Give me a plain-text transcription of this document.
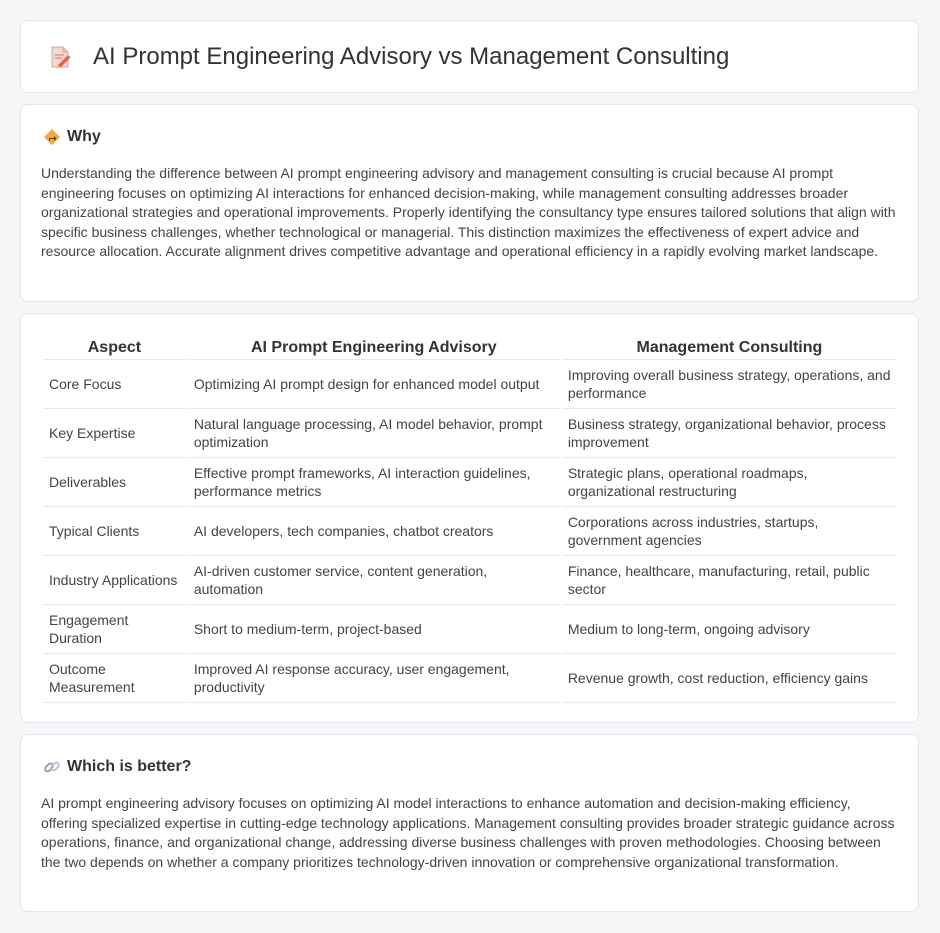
AI Prompt Engineering Advisory vs Management Consulting
Why

Understanding the difference between AI prompt engineering advisory and management consulting is crucial because AI prompt engineering focuses on optimizing AI interactions for enhanced decision-making, while management consulting addresses broader organizational strategies and operational improvements. Properly identifying the consultancy type ensures tailored solutions that align with specific business challenges, whether technological or managerial. This distinction maximizes the effectiveness of expert advice and resource allocation. Accurate alignment drives competitive advantage and operational efficiency in a rapidly evolving market landscape.

Aspect	AI Prompt Engineering Advisory	Management Consulting
Core Focus	Optimizing AI prompt design for enhanced model output	Improving overall business strategy, operations, and performance
Key Expertise	Natural language processing, AI model behavior, prompt optimization	Business strategy, organizational behavior, process improvement
Deliverables	Effective prompt frameworks, AI interaction guidelines, performance metrics	Strategic plans, operational roadmaps, organizational restructuring
Typical Clients	AI developers, tech companies, chatbot creators	Corporations across industries, startups, government agencies
Industry Applications	AI-driven customer service, content generation, automation	Finance, healthcare, manufacturing, retail, public sector
Engagement Duration	Short to medium-term, project-based	Medium to long-term, ongoing advisory
Outcome Measurement	Improved AI response accuracy, user engagement, productivity	Revenue growth, cost reduction, efficiency gains
Which is better?

AI prompt engineering advisory focuses on optimizing AI model interactions to enhance automation and decision-making efficiency, offering specialized expertise in cutting-edge technology applications. Management consulting provides broader strategic guidance across operations, finance, and organizational change, addressing diverse business challenges with proven methodologies. Choosing between the two depends on whether a company prioritizes technology-driven innovation or comprehensive organizational transformation.
